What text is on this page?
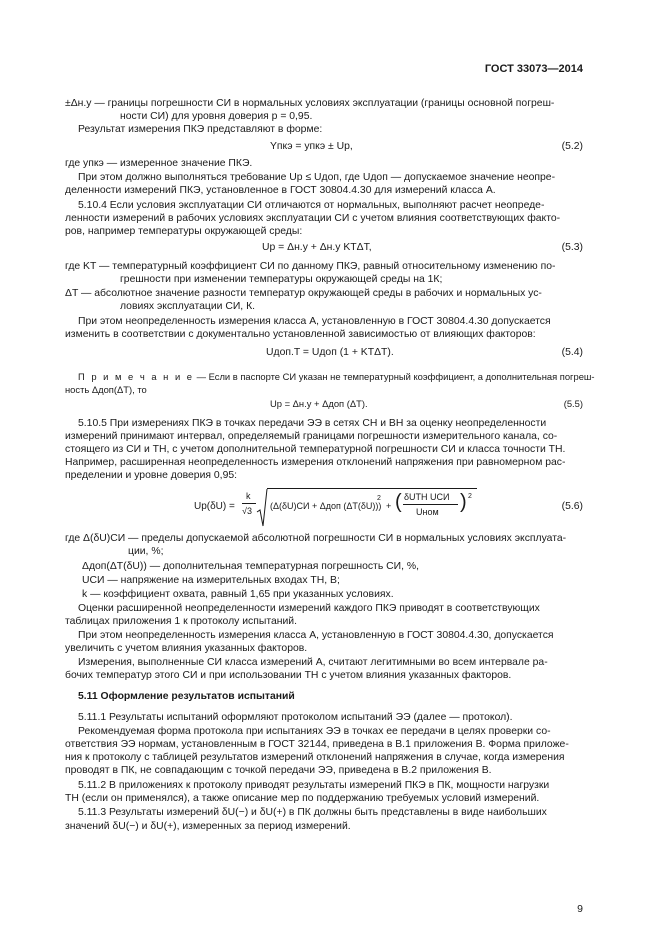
ГОСТ 33073—2014
±Δн.у — границы погрешности СИ в нормальных условиях эксплуатации (границы основной погреш-
ности СИ) для уровня доверия p = 0,95.
Результат измерения ПКЭ представляют в форме:
Yпкэ = yпкэ ± Up,	(5.2)
где yпкэ — измеренное значение ПКЭ.
При этом должно выполняться требование Up ≤ Uдоп, где Uдоп — допускаемое значение неопре-
деленности измерений ПКЭ, установленное в ГОСТ 30804.4.30 для измерений класса А.
5.10.4 Если условия эксплуатации СИ отличаются от нормальных, выполняют расчет неопреде-
ленности измерений в рабочих условиях эксплуатации СИ с учетом влияния соответствующих факто-
ров, например температуры окружающей среды:
Up = Δн.у + Δн.у KTΔT,	(5.3)
где KT — температурный коэффициент СИ по данному ПКЭ, равный относительному изменению по-
грешности при изменении температуры окружающей среды на 1К;
ΔT — абсолютное значение разности температур окружающей среды в рабочих и нормальных ус-
ловиях эксплуатации СИ, К.
При этом неопределенность измерения класса А, установленную в ГОСТ 30804.4.30 допускается
изменить в соответствии с документально установленной зависимостью от влияющих факторов:
Uдоп.T = Uдоп (1 + KTΔT).	(5.4)
П р и м е ч а н и е — Если в паспорте СИ указан не температурный коэффициент, а дополнительная погреш-
ность Δдоп(ΔT), то
Up = Δн.у + Δдоп (ΔT).	(5.5)
5.10.5 При измерениях ПКЭ в точках передачи ЭЭ в сетях СН и ВН за оценку неопределенности
измерений принимают интервал, определяемый границами погрешности измерительного канала, со-
стоящего из СИ и ТН, с учетом дополнительной температурной погрешности СИ и класса точности ТН.
Например, расширенная неопределенность измерения отклонений напряжения при равномерном рас-
пределении и уровне доверия 0,95:
Up(δU) =
k
√3 (Δ(δU)СИ + Δдоп (ΔT(δU)))
2
+ ( δUТН UСИ
Uном ) 2
(5.6)
где Δ(δU)СИ — пределы допускаемой абсолютной погрешности СИ в нормальных условиях эксплуата-
ции, %;
Δдоп(ΔT(δU)) — дополнительная температурная погрешность СИ, %,
UСИ — напряжение на измерительных входах ТН, В;
k — коэффициент охвата, равный 1,65 при указанных условиях.
Оценки расширенной неопределенности измерений каждого ПКЭ приводят в соответствующих
таблицах приложения 1 к протоколу испытаний.
При этом неопределенность измерения класса А, установленную в ГОСТ 30804.4.30, допускается
увеличить с учетом влияния указанных факторов.
Измерения, выполненные СИ класса измерений А, считают легитимными во всем интервале ра-
бочих температур этого СИ и при использовании ТН с учетом влияния указанных факторов.
5.11 Оформление результатов испытаний
5.11.1 Результаты испытаний оформляют протоколом испытаний ЭЭ (далее — протокол).
Рекомендуемая форма протокола при испытаниях ЭЭ в точках ее передачи в целях проверки со-
ответствия ЭЭ нормам, установленным в ГОСТ 32144, приведена в В.1 приложения В. Форма приложе-
ния к протоколу с таблицей результатов измерений отклонений напряжения в случае, когда измерения
проводят в ПК, не совпадающим с точкой передачи ЭЭ, приведена в В.2 приложения В.
5.11.2 В приложениях к протоколу приводят результаты измерений ПКЭ в ПК, мощности нагрузки
ТН (если он применялся), а также описание мер по поддержанию требуемых условий измерений.
5.11.3 Результаты измерений δU(−) и δU(+) в ПК должны быть представлены в виде наибольших
значений δU(−) и δU(+), измеренных за период измерений.
9
